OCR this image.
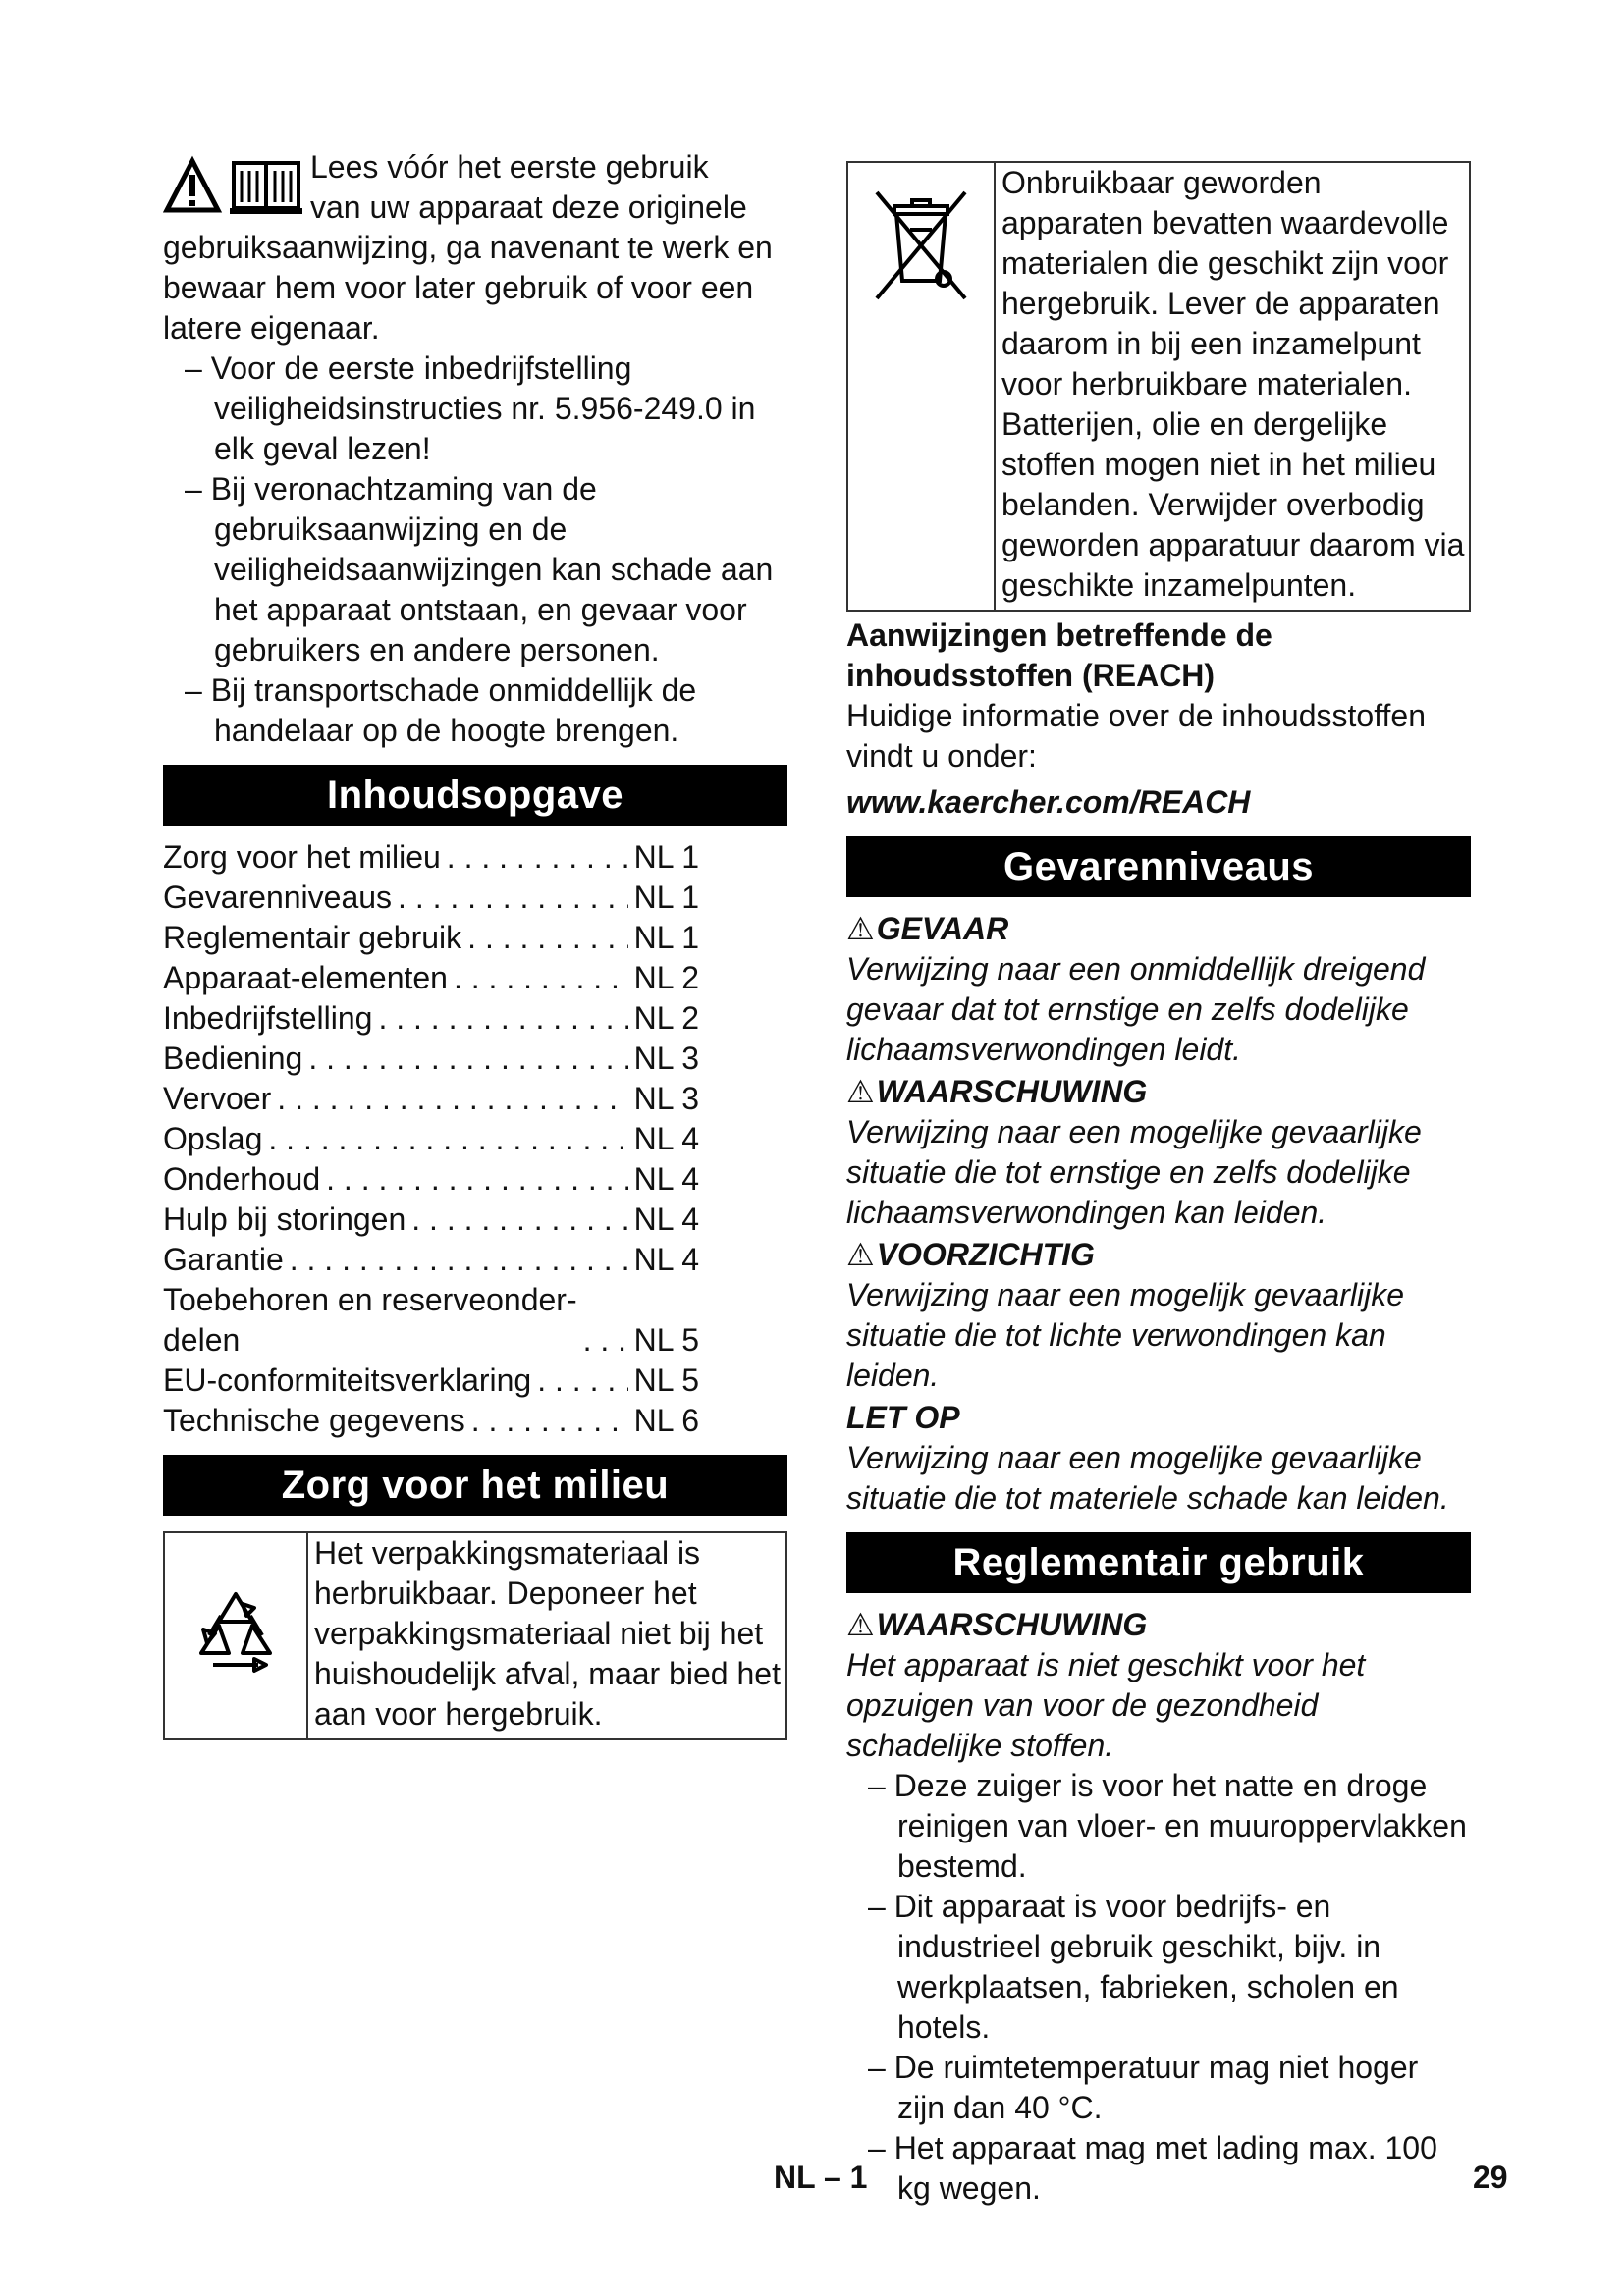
Lees vóór het eerste gebruik

van uw apparaat deze originele

gebruiksaanwijzing, ga navenant te werk en bewaar hem voor later gebruik of voor een latere eigenaar.

– Voor de eerste inbedrijfstelling veiligheidsinstructies nr. 5.956-249.0 in elk geval lezen!
– Bij veronachtzaming van de gebruiksaanwijzing en de veiligheidsaanwijzingen kan schade aan het apparaat ontstaan, en gevaar voor gebruikers en andere personen.
– Bij transportschade onmiddellijk de handelaar op de hoogte brengen.
Inhoudsopgave
Zorg voor het milieu . . .	NL 1
Gevarenniveaus . . .	NL 1
Reglementair gebruik . . .	NL 1
Apparaat-elementen . . .	NL 2
Inbedrijfstelling . . .	NL 2
Bediening . . .	NL 3
Vervoer . . .	NL 3
Opslag . . .	NL 4
Onderhoud . . .	NL 4
Hulp bij storingen . . .	NL 4
Garantie . . .	NL 4
Toebehoren en reserveonder-
delen . . .	NL 5
EU-conformiteitsverklaring . . .	NL 5
Technische gegevens . . .	NL 6
Zorg voor het milieu
Het verpakkingsmateriaal is herbruikbaar. Deponeer het verpakkingsmateriaal niet bij het huishoudelijk afval, maar bied het aan voor hergebruik.
Onbruikbaar geworden apparaten bevatten waardevolle materialen die geschikt zijn voor hergebruik. Lever de apparaten daarom in bij een inzamelpunt voor herbruikbare materialen. Batterijen, olie en dergelijke stoffen mogen niet in het milieu belanden. Verwijder overbodig geworden apparatuur daarom via geschikte inzamelpunten.

Aanwijzingen betreffende de inhoudsstoffen (REACH)

Huidige informatie over de inhoudsstoffen vindt u onder:

www.kaercher.com/REACH

Gevarenniveaus

⚠GEVAAR

Verwijzing naar een onmiddellijk dreigend gevaar dat tot ernstige en zelfs dodelijke lichaamsverwondingen leidt.

⚠WAARSCHUWING

Verwijzing naar een mogelijke gevaarlijke situatie die tot ernstige en zelfs dodelijke lichaamsverwondingen kan leiden.

⚠VOORZICHTIG

Verwijzing naar een mogelijk gevaarlijke situatie die tot lichte verwondingen kan leiden.

LET OP

Verwijzing naar een mogelijke gevaarlijke situatie die tot materiele schade kan leiden.

Reglementair gebruik

⚠WAARSCHUWING

Het apparaat is niet geschikt voor het opzuigen van voor de gezondheid schadelijke stoffen.

– Deze zuiger is voor het natte en droge reinigen van vloer- en muuroppervlakken bestemd.
– Dit apparaat is voor bedrijfs- en industrieel gebruik geschikt, bijv. in werkplaatsen, fabrieken, scholen en hotels.
– De ruimtetemperatuur mag niet hoger zijn dan 40 °C.
– Het apparaat mag met lading max. 100 kg wegen.
NL – 1	29
